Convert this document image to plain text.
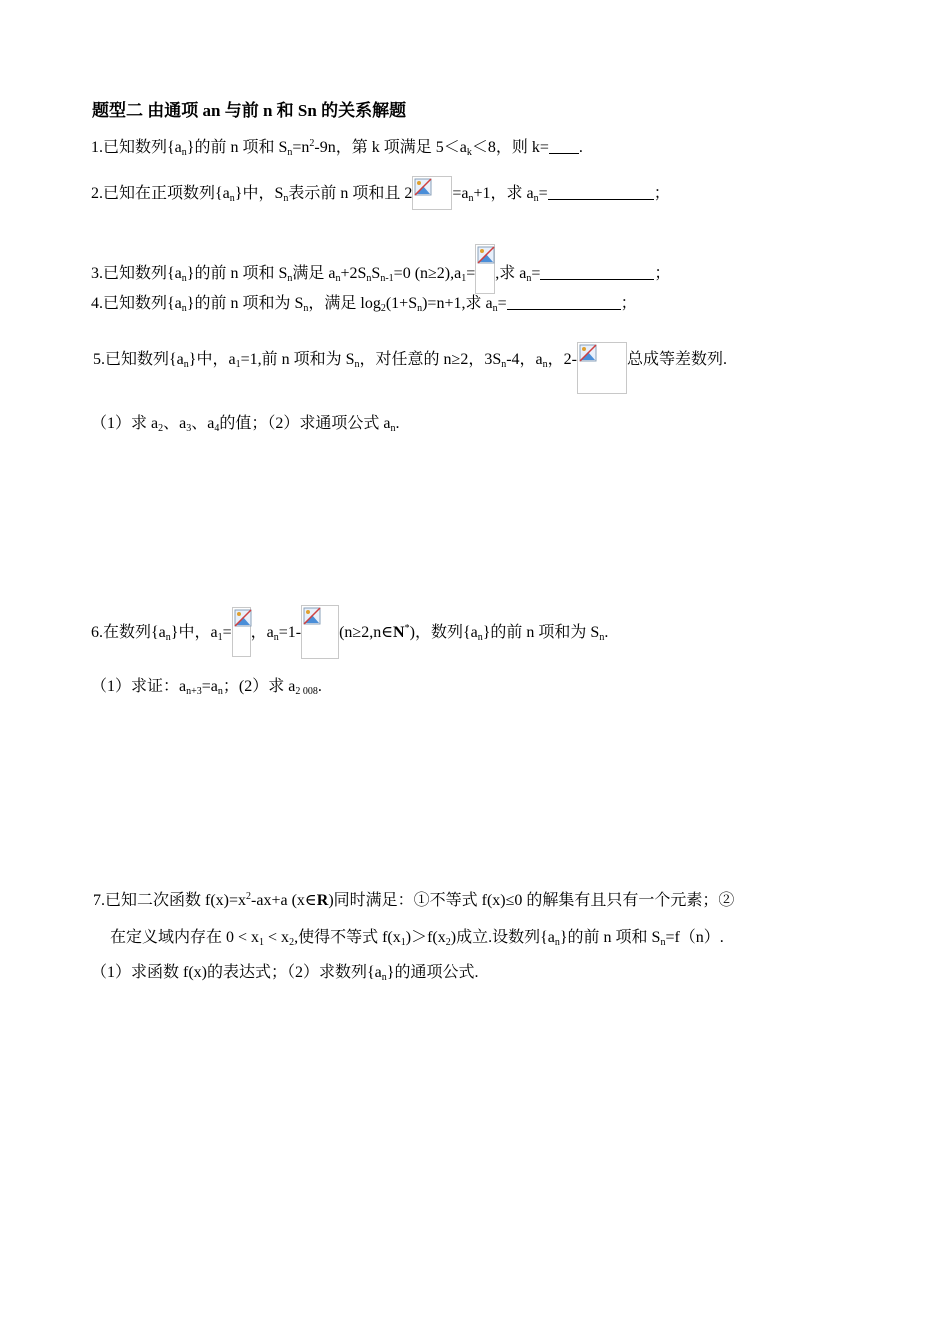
题型二 由通项 an 与前 n 和 Sn 的关系解题
1.已知数列$\{a_n\}$的前 n 项和 $S_n=n^2-9n$，第 k 项满足 $5<a_k<8$，则 k= .
2.已知在正项数列$\{a_n\}$中，$S_n$表示前 n 项和且 2	$=a_n+1$，求 $a_n=$	；
3.已知数列$\{a_n\}$的前 n 项和 $S_n$满足 $a_n+2S_nS_{n-1}=0$ $(n\ge 2),a_1=$ ,求 $a_n=$	；
4.已知数列$\{a_n\}$的前 n 项和为 $S_n$，满足 $\log_2(1+S_n)=n+1$,求 $a_n=$	；
5.已知数列$\{a_n\}$中，$a_1=1$,前 n 项和为 $S_n$，对任意的 n≥2，$3S_n-4$，$a_n$，2-	总成等差数列.
（1）求 $a_2$、$a_3$、$a_4$的值；（2）求通项公式 $a_n$.
6.在数列$\{a_n\}$中，$a_1=$ ，$a_n=1-$ (n≥2,n∈N*)，数列$\{a_n\}$的前 n 项和为 $S_n$.
（1）求证：$a_{n+3}=a_n$；(2）求 $a_{2 008}$.
7.已知二次函数 $f(x)=x^2-ax+a$ (x∈R)同时满足：①不等式 f(x)≤0 的解集有且只有一个元素；②
在定义域内存在 $0 < x_1 < x_2$,使得不等式 $f(x_1)>f(x_2)$成立.设数列$\{a_n\}$的前 n 项和 $S_n=f(n)$.
（1）求函数 f(x)的表达式；（2）求数列$\{a_n\}$的通项公式.
